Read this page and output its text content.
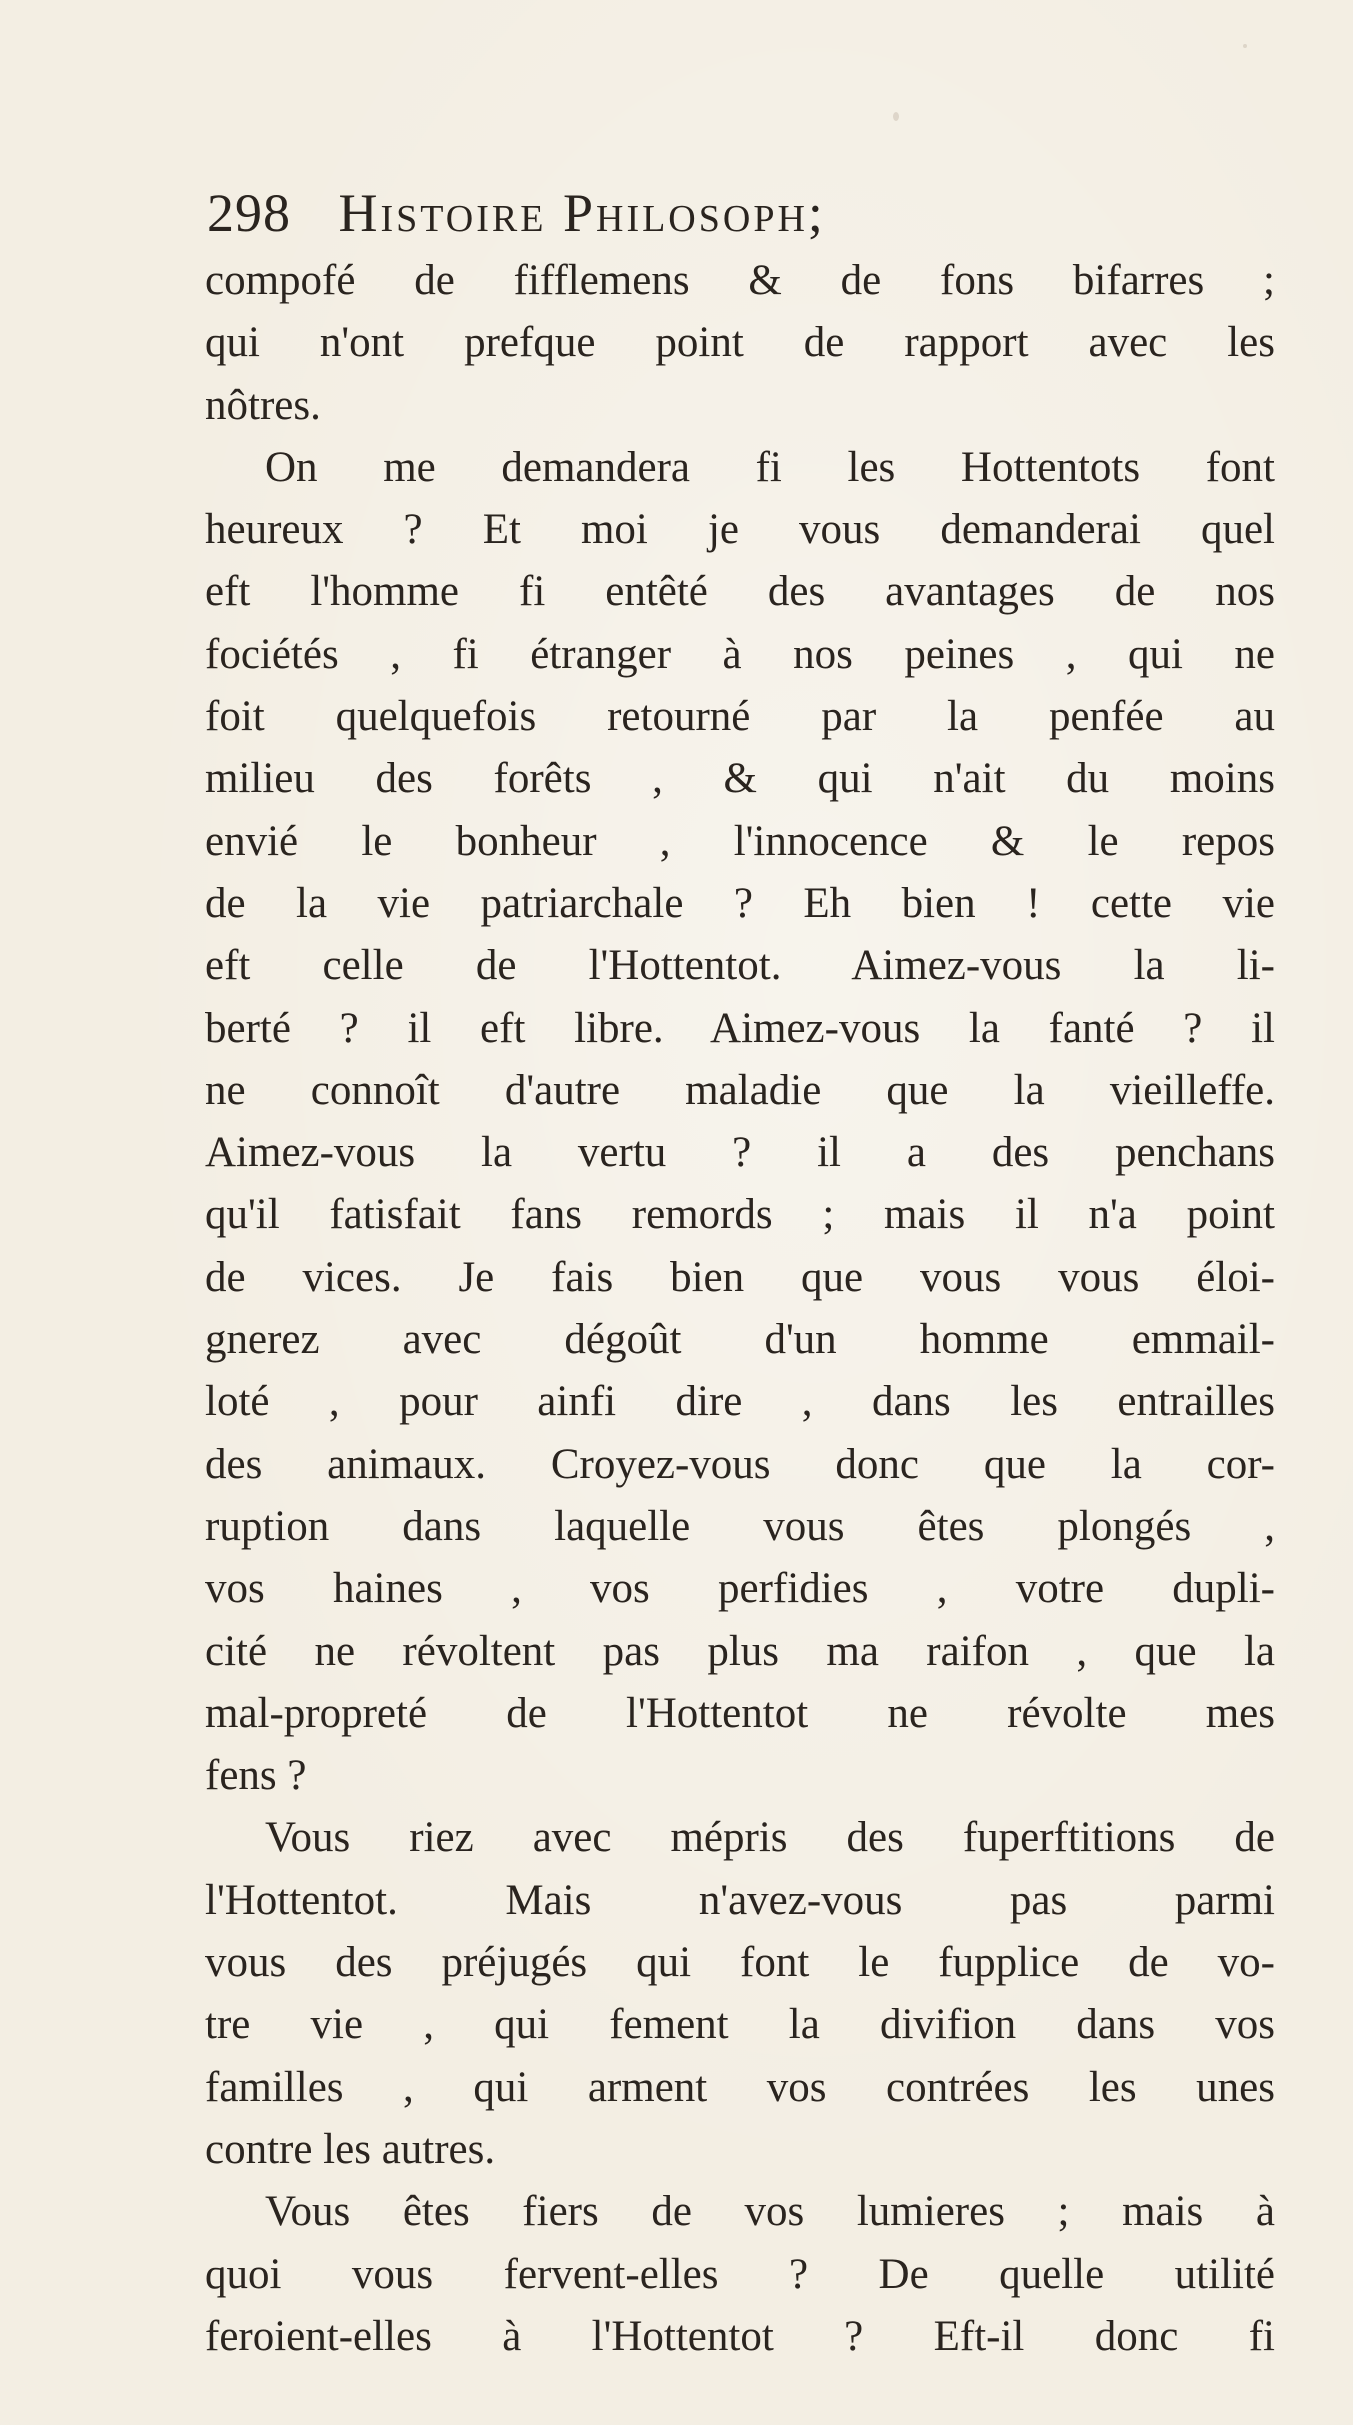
298 Histoire Philosoph;
compofé de fifflemens & de fons bifarres ;
qui n'ont prefque point de rapport avec les
nôtres.
On me demandera fi les Hottentots font
heureux ? Et moi je vous demanderai quel
eft l'homme fi entêté des avantages de nos
fociétés , fi étranger à nos peines , qui ne
foit quelquefois retourné par la penfée au
milieu des forêts , & qui n'ait du moins
envié le bonheur , l'innocence & le repos
de la vie patriarchale ? Eh bien ! cette vie
eft celle de l'Hottentot. Aimez-vous la li-
berté ? il eft libre. Aimez-vous la fanté ? il
ne connoît d'autre maladie que la vieilleffe.
Aimez-vous la vertu ? il a des penchans
qu'il fatisfait fans remords ; mais il n'a point
de vices. Je fais bien que vous vous éloi-
gnerez avec dégoût d'un homme emmail-
loté , pour ainfi dire , dans les entrailles
des animaux. Croyez-vous donc que la cor-
ruption dans laquelle vous êtes plongés ,
vos haines , vos perfidies , votre dupli-
cité ne révoltent pas plus ma raifon , que la
mal-propreté de l'Hottentot ne révolte mes
fens ?
Vous riez avec mépris des fuperftitions de
l'Hottentot. Mais n'avez-vous pas parmi
vous des préjugés qui font le fupplice de vo-
tre vie , qui fement la divifion dans vos
familles , qui arment vos contrées les unes
contre les autres.
Vous êtes fiers de vos lumieres ; mais à
quoi vous fervent-elles ? De quelle utilité
feroient-elles à l'Hottentot ? Eft-il donc fi
